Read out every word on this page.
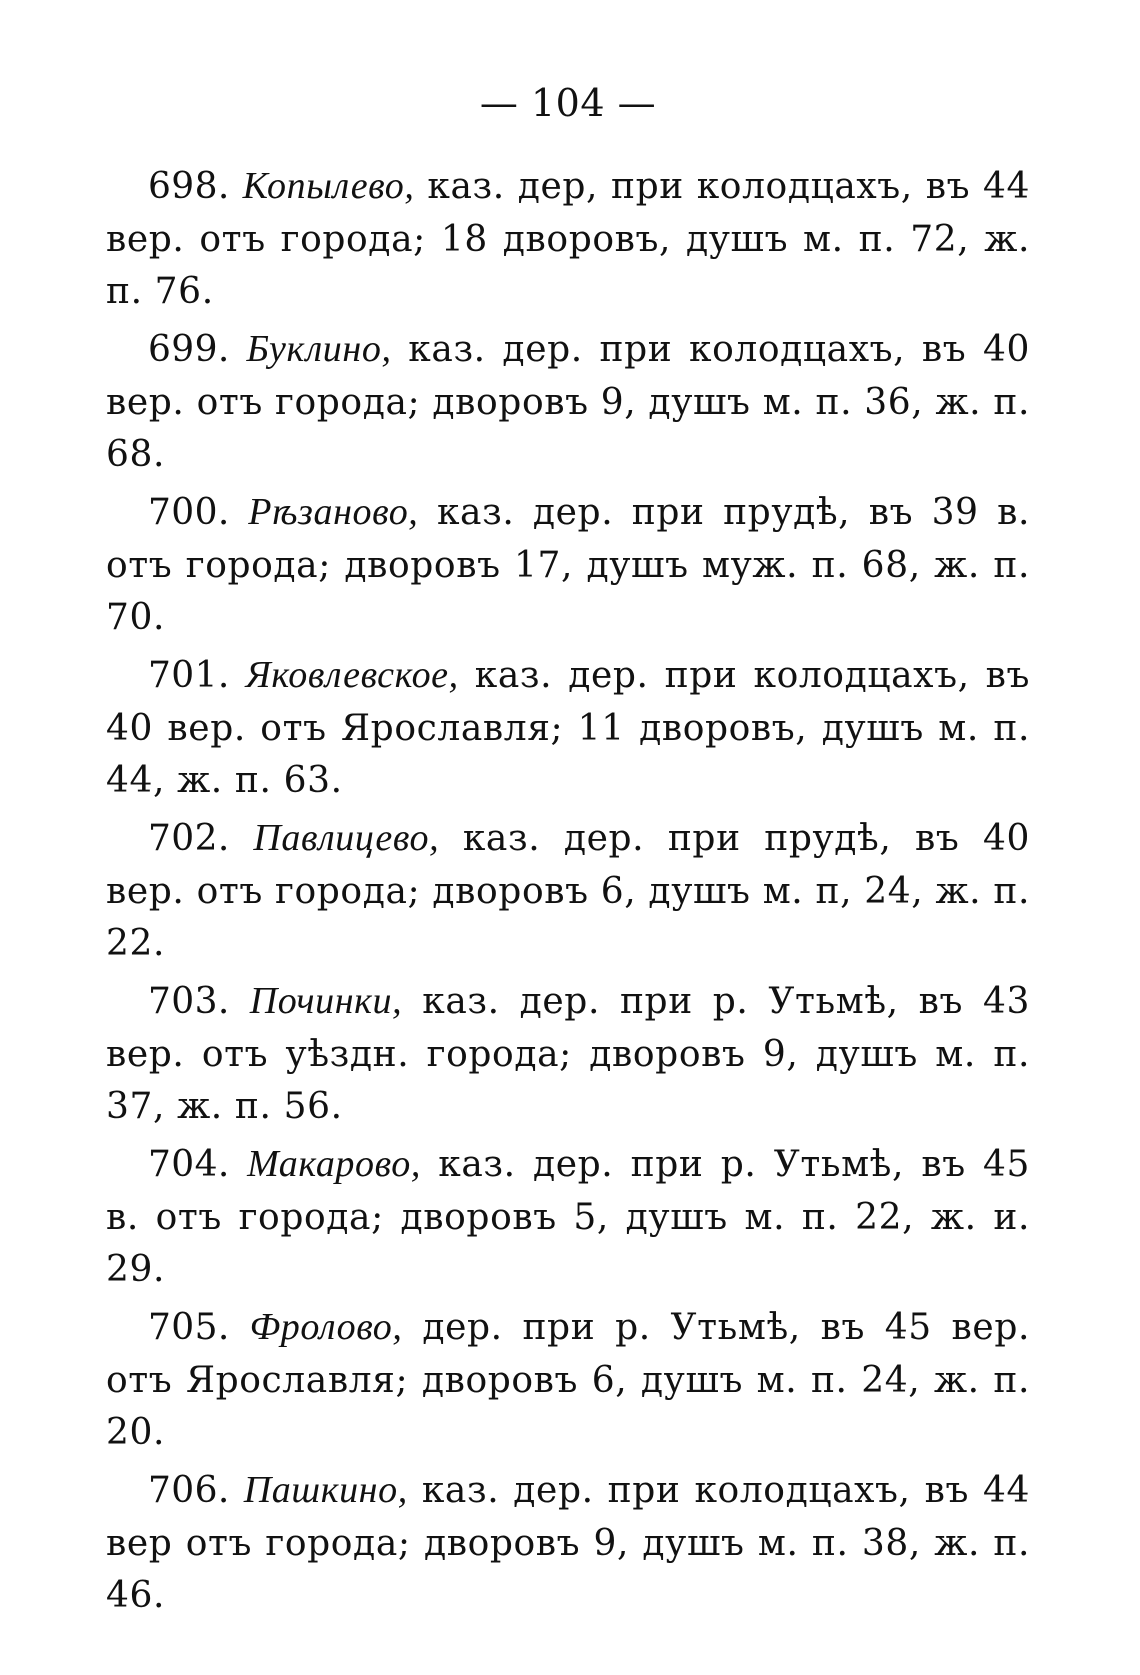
— 104 —

698. Копылево, каз. дер, при колодцахъ, въ 44 вер. отъ города; 18 дворовъ, душъ м. п. 72, ж. п. 76.

699. Буклино, каз. дер. при колодцахъ, въ 40 вер. отъ города; дворовъ 9, душъ м. п. 36, ж. п. 68.

700. Рѣзаново, каз. дер. при прудѣ, въ 39 в. отъ города; дворовъ 17, душъ муж. п. 68, ж. п. 70.

701. Яковлевское, каз. дер. при колодцахъ, въ 40 вер. отъ Ярославля; 11 дворовъ, душъ м. п. 44, ж. п. 63.

702. Павлицево, каз. дер. при прудѣ, въ 40 вер. отъ города; дворовъ 6, душъ м. п, 24, ж. п. 22.

703. Починки, каз. дер. при р. Утьмѣ, въ 43 вер. отъ уѣздн. города; дворовъ 9, душъ м. п. 37, ж. п. 56.

704. Макарово, каз. дер. при р. Утьмѣ, въ 45 в. отъ города; дворовъ 5, душъ м. п. 22, ж. и. 29.

705. Фролово, дер. при р. Утьмѣ, въ 45 вер. отъ Ярославля; дворовъ 6, душъ м. п. 24, ж. п. 20.

706. Пашкино, каз. дер. при колодцахъ, въ 44 вер отъ города; дворовъ 9, душъ м. п. 38, ж. п. 46.
